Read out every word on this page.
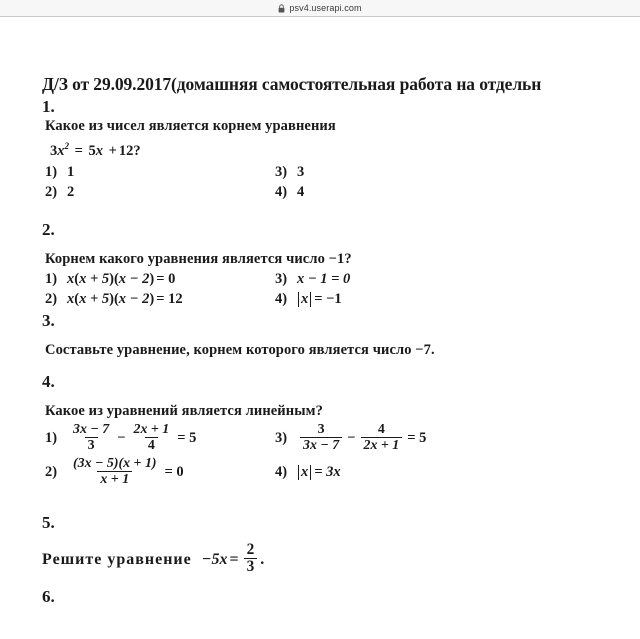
psv4.userapi.com
Д/З от 29.09.2017(домашняя самостоятельная работа на отдельн
1.
Какое из чисел является корнем уравнения
$3x^2 = 5x + 12$?
1) 1	3) 3
2) 2	4) 4
2.
Корнем какого уравнения является число −1?
1) x(x + 5)(x − 2) = 0	3) x − 1 = 0
2) x(x + 5)(x − 2) = 12	4) x = −1
3.
Составьте уравнение, корнем которого является число −7.
4.
Какое из уравнений является линейным?
$1) \frac{3x - 7}{3} - \frac{2x + 1}{4} = 5$	$3) \frac{3}{3x - 7} - \frac{4}{2x + 1} = 5$
$2) \frac{(3x - 5)(x + 1)}{x + 1} = 0$	4) x = 3x
5.
Решите уравнение $-5x = \frac{2}{3}$ .
6.
